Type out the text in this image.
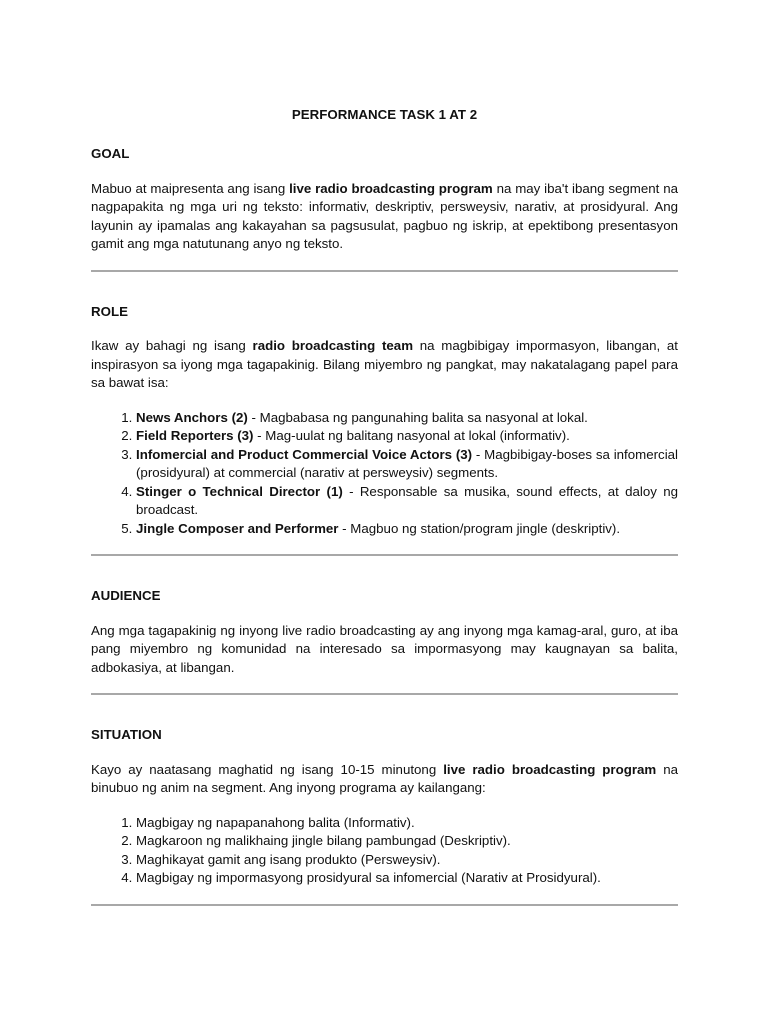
PERFORMANCE TASK 1 AT 2
GOAL

Mabuo at maipresenta ang isang live radio broadcasting program na may iba't ibang segment na nagpapakita ng mga uri ng teksto: informativ, deskriptiv, persweysiv, narativ, at prosidyural. Ang layunin ay ipamalas ang kakayahan sa pagsusulat, pagbuo ng iskrip, at epektibong presentasyon gamit ang mga natutunang anyo ng teksto.

ROLE

Ikaw ay bahagi ng isang radio broadcasting team na magbibigay impormasyon, libangan, at inspirasyon sa iyong mga tagapakinig. Bilang miyembro ng pangkat, may nakatalagang papel para sa bawat isa:

1. News Anchors (2) - Magbabasa ng pangunahing balita sa nasyonal at lokal.
2. Field Reporters (3) - Mag-uulat ng balitang nasyonal at lokal (informativ).
3. Infomercial and Product Commercial Voice Actors (3) - Magbibigay-boses sa infomercial (prosidyural) at commercial (narativ at persweysiv) segments.
4. Stinger o Technical Director (1) - Responsable sa musika, sound effects, at daloy ng broadcast.
5. Jingle Composer and Performer - Magbuo ng station/program jingle (deskriptiv).
AUDIENCE

Ang mga tagapakinig ng inyong live radio broadcasting ay ang inyong mga kamag-aral, guro, at iba pang miyembro ng komunidad na interesado sa impormasyong may kaugnayan sa balita, adbokasiya, at libangan.

SITUATION

Kayo ay naatasang maghatid ng isang 10-15 minutong live radio broadcasting program na binubuo ng anim na segment. Ang inyong programa ay kailangang:

1. Magbigay ng napapanahong balita (Informativ).
2. Magkaroon ng malikhaing jingle bilang pambungad (Deskriptiv).
3. Maghikayat gamit ang isang produkto (Persweysiv).
4. Magbigay ng impormasyong prosidyural sa infomercial (Narativ at Prosidyural).
